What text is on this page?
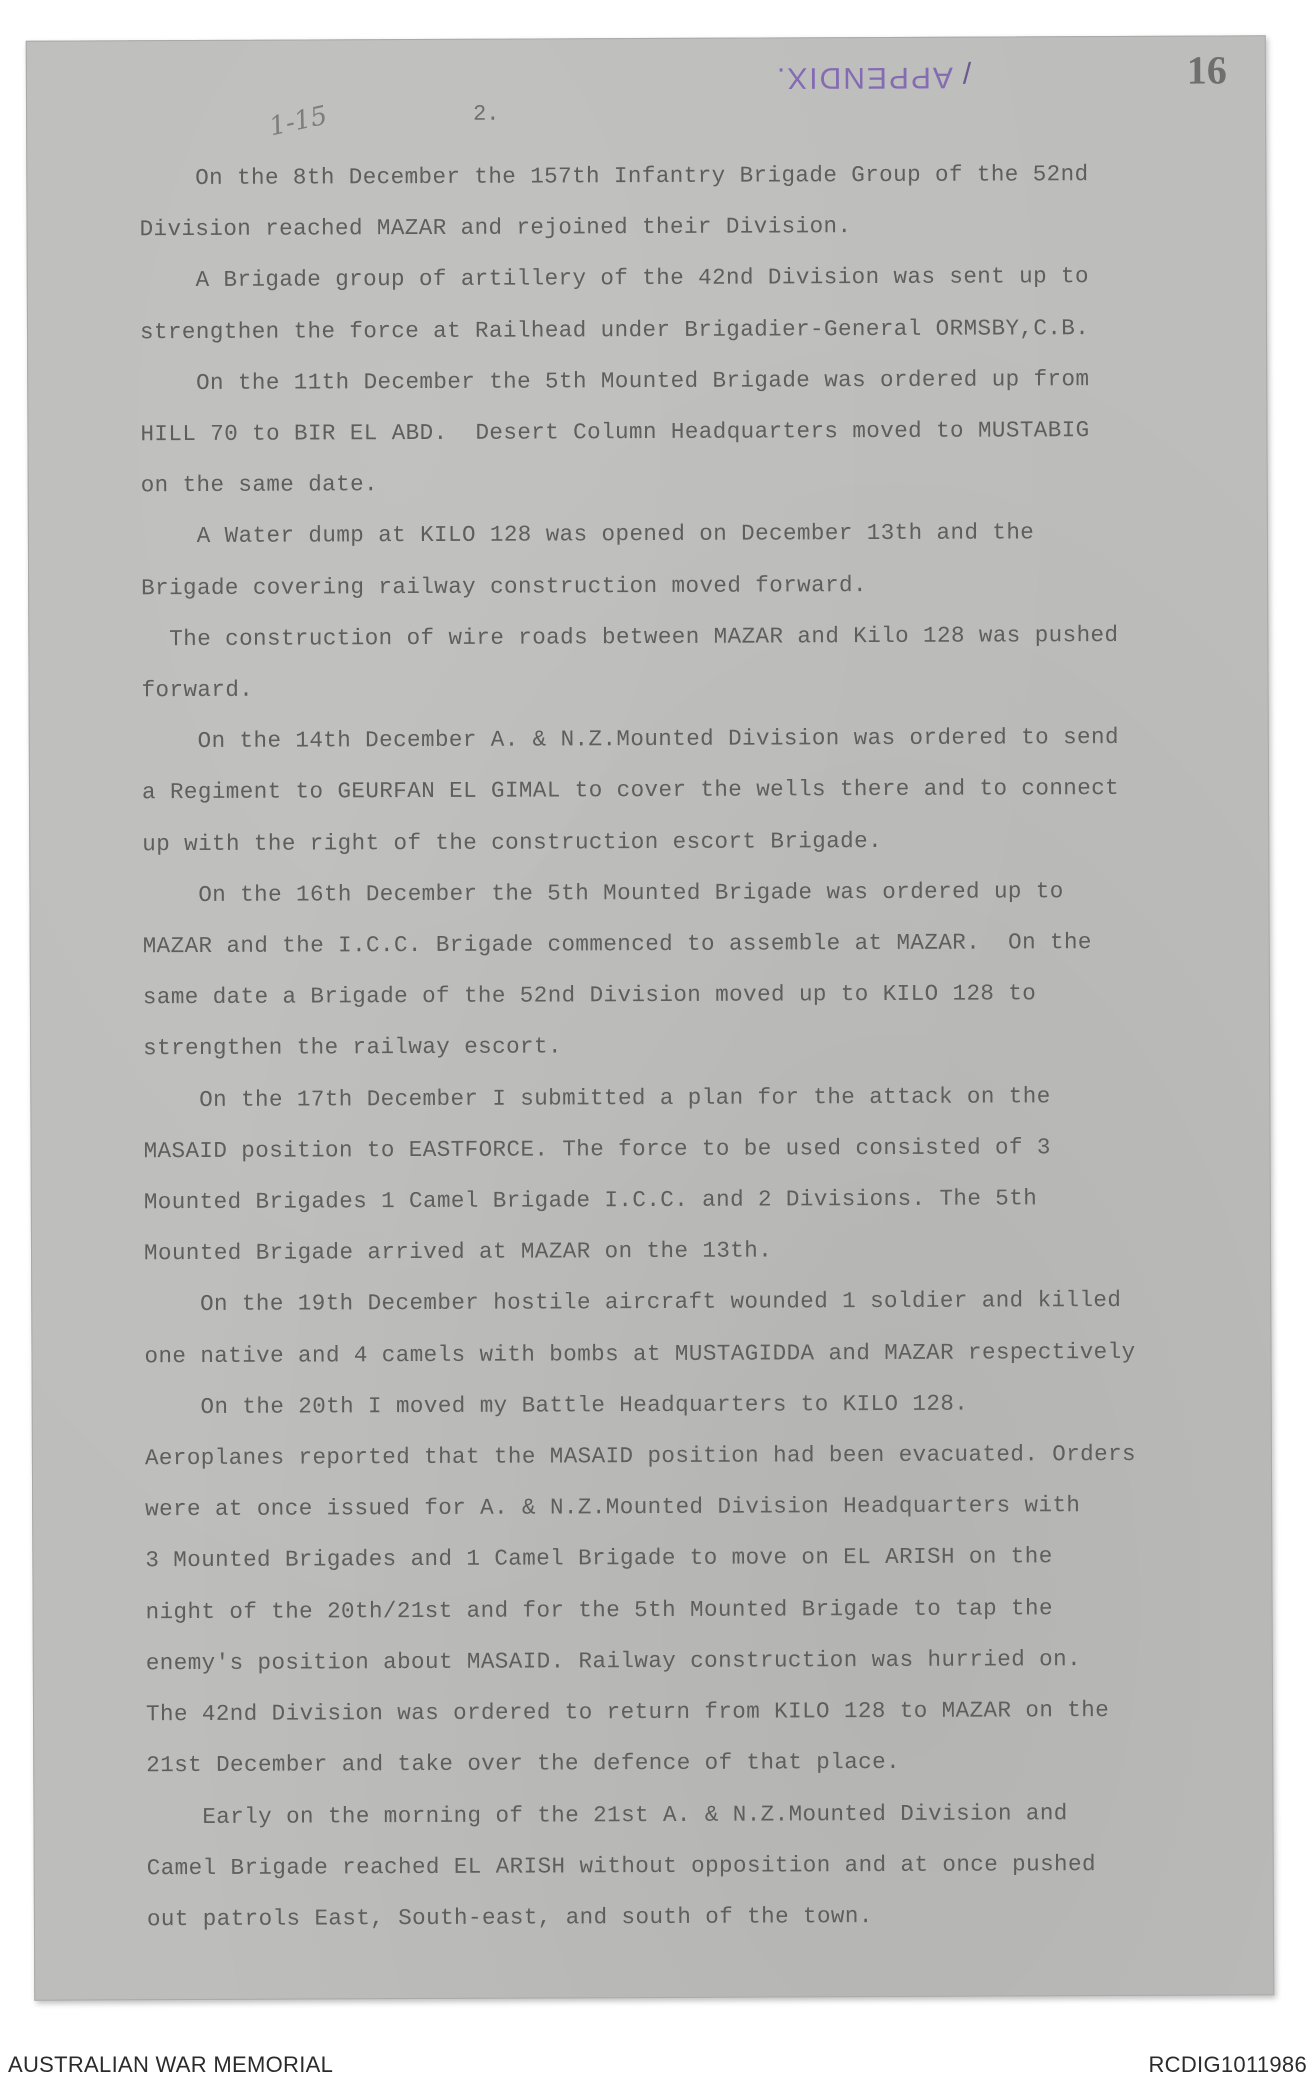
16
APPENDIX. /
1-15	2.
On the 8th December the 157th Infantry Brigade Group of the 52nd
Division reached MAZAR and rejoined their Division.
A Brigade group of artillery of the 42nd Division was sent up to
strengthen the force at Railhead under Brigadier-General ORMSBY,C.B.
On the 11th December the 5th Mounted Brigade was ordered up from
HILL 70 to BIR EL ABD.  Desert Column Headquarters moved to MUSTABIG
on the same date.
A Water dump at KILO 128 was opened on December 13th and the
Brigade covering railway construction moved forward.
The construction of wire roads between MAZAR and Kilo 128 was pushed
forward.
On the 14th December A. & N.Z.Mounted Division was ordered to send
a Regiment to GEURFAN EL GIMAL to cover the wells there and to connect
up with the right of the construction escort Brigade.
On the 16th December the 5th Mounted Brigade was ordered up to
MAZAR and the I.C.C. Brigade commenced to assemble at MAZAR.  On the
same date a Brigade of the 52nd Division moved up to KILO 128 to
strengthen the railway escort.
On the 17th December I submitted a plan for the attack on the
MASAID position to EASTFORCE. The force to be used consisted of 3
Mounted Brigades 1 Camel Brigade I.C.C. and 2 Divisions. The 5th
Mounted Brigade arrived at MAZAR on the 13th.
On the 19th December hostile aircraft wounded 1 soldier and killed
one native and 4 camels with bombs at MUSTAGIDDA and MAZAR respectively
On the 20th I moved my Battle Headquarters to KILO 128.
Aeroplanes reported that the MASAID position had been evacuated. Orders
were at once issued for A. & N.Z.Mounted Division Headquarters with
3 Mounted Brigades and 1 Camel Brigade to move on EL ARISH on the
night of the 20th/21st and for the 5th Mounted Brigade to tap the
enemy's position about MASAID. Railway construction was hurried on.
The 42nd Division was ordered to return from KILO 128 to MAZAR on the
21st December and take over the defence of that place.
Early on the morning of the 21st A. & N.Z.Mounted Division and
Camel Brigade reached EL ARISH without opposition and at once pushed
out patrols East, South-east, and south of the town.
AUSTRALIAN WAR MEMORIAL	RCDIG1011986
